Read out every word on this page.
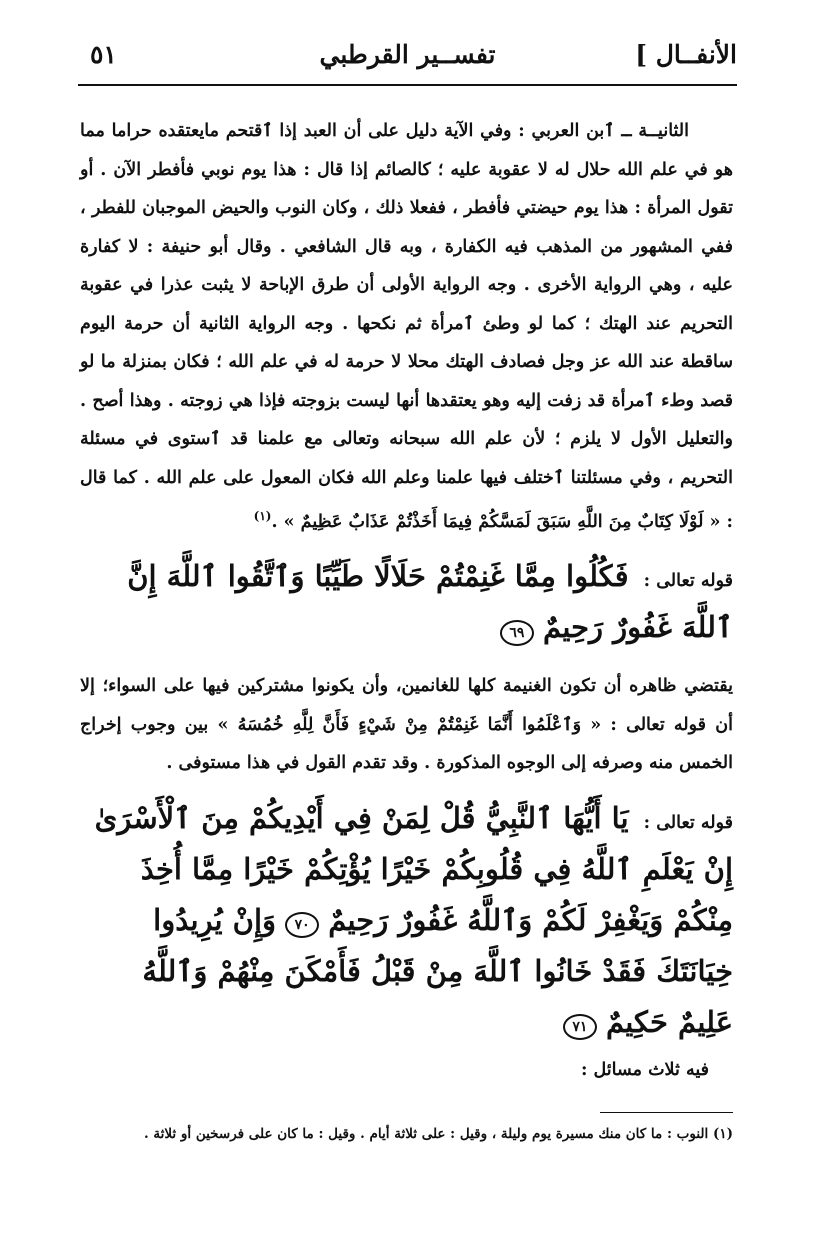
الأنفــال ]
تفســير القرطبي
٥١

الثانيــة ــ ٱبن العربي : وفي الآية دليل على أن العبد إذا ٱقتحم مايعتقده حراما مما هو في علم الله حلال له لا عقوبة عليه ؛ كالصائم إذا قال : هذا يوم نوبي فأفطر الآن . أو تقول المرأة : هذا يوم حيضتي فأفطر ، ففعلا ذلك ، وكان النوب والحيض الموجبان للفطر ، ففي المشهور من المذهب فيه الكفارة ، وبه قال الشافعي . وقال أبو حنيفة : لا كفارة عليه ، وهي الرواية الأخرى . وجه الرواية الأولى أن طرق الإباحة لا يثبت عذرا في عقوبة التحريم عند الهتك ؛ كما لو وطئ ٱمرأة ثم نكحها . وجه الرواية الثانية أن حرمة اليوم ساقطة عند الله عز وجل فصادف الهتك محلا لا حرمة له في علم الله ؛ فكان بمنزلة ما لو قصد وطء ٱمرأة قد زفت إليه وهو يعتقدها أنها ليست بزوجته فإذا هي زوجته . وهذا أصح . والتعليل الأول لا يلزم ؛ لأن علم الله سبحانه وتعالى مع علمنا قد ٱستوى في مسئلة التحريم ، وفي مسئلتنا ٱختلف فيها علمنا وعلم الله فكان المعول على علم الله . كما قال : « لَوْلَا كِتَابٌ مِنَ اللَّهِ سَبَقَ لَمَسَّكُمْ فِيمَا أَخَذْتُمْ عَذَابٌ عَظِيمٌ » .$^{(١)}$

قوله تعالى : فَكُلُوا مِمَّا غَنِمْتُمْ حَلَالًا طَيِّبًا وَٱتَّقُوا ٱللَّهَ إِنَّ ٱللَّهَ غَفُورٌ رَحِيمٌ ٦٩

يقتضي ظاهره أن تكون الغنيمة كلها للغانمين، وأن يكونوا مشتركين فيها على السواء؛ إلا أن قوله تعالى : « وَٱعْلَمُوا أَنَّمَا غَنِمْتُمْ مِنْ شَيْءٍ فَأَنَّ لِلَّهِ خُمُسَهُ » بين وجوب إخراج الخمس منه وصرفه إلى الوجوه المذكورة . وقد تقدم القول في هذا مستوفى .

قوله تعالى : يَا أَيُّهَا ٱلنَّبِيُّ قُلْ لِمَنْ فِي أَيْدِيكُمْ مِنَ ٱلْأَسْرَىٰ إِنْ يَعْلَمِ ٱللَّهُ فِي قُلُوبِكُمْ خَيْرًا يُؤْتِكُمْ خَيْرًا مِمَّا أُخِذَ مِنْكُمْ وَيَغْفِرْ لَكُمْ وَٱللَّهُ غَفُورٌ رَحِيمٌ ٧٠ وَإِنْ يُرِيدُوا خِيَانَتَكَ فَقَدْ خَانُوا ٱللَّهَ مِنْ قَبْلُ فَأَمْكَنَ مِنْهُمْ وَٱللَّهُ عَلِيمٌ حَكِيمٌ ٧١

فيه ثلاث مسائل :

(١) النوب : ما كان منك مسيرة يوم وليلة ، وقيل : على ثلاثة أيام . وقيل : ما كان على فرسخين أو ثلاثة .
